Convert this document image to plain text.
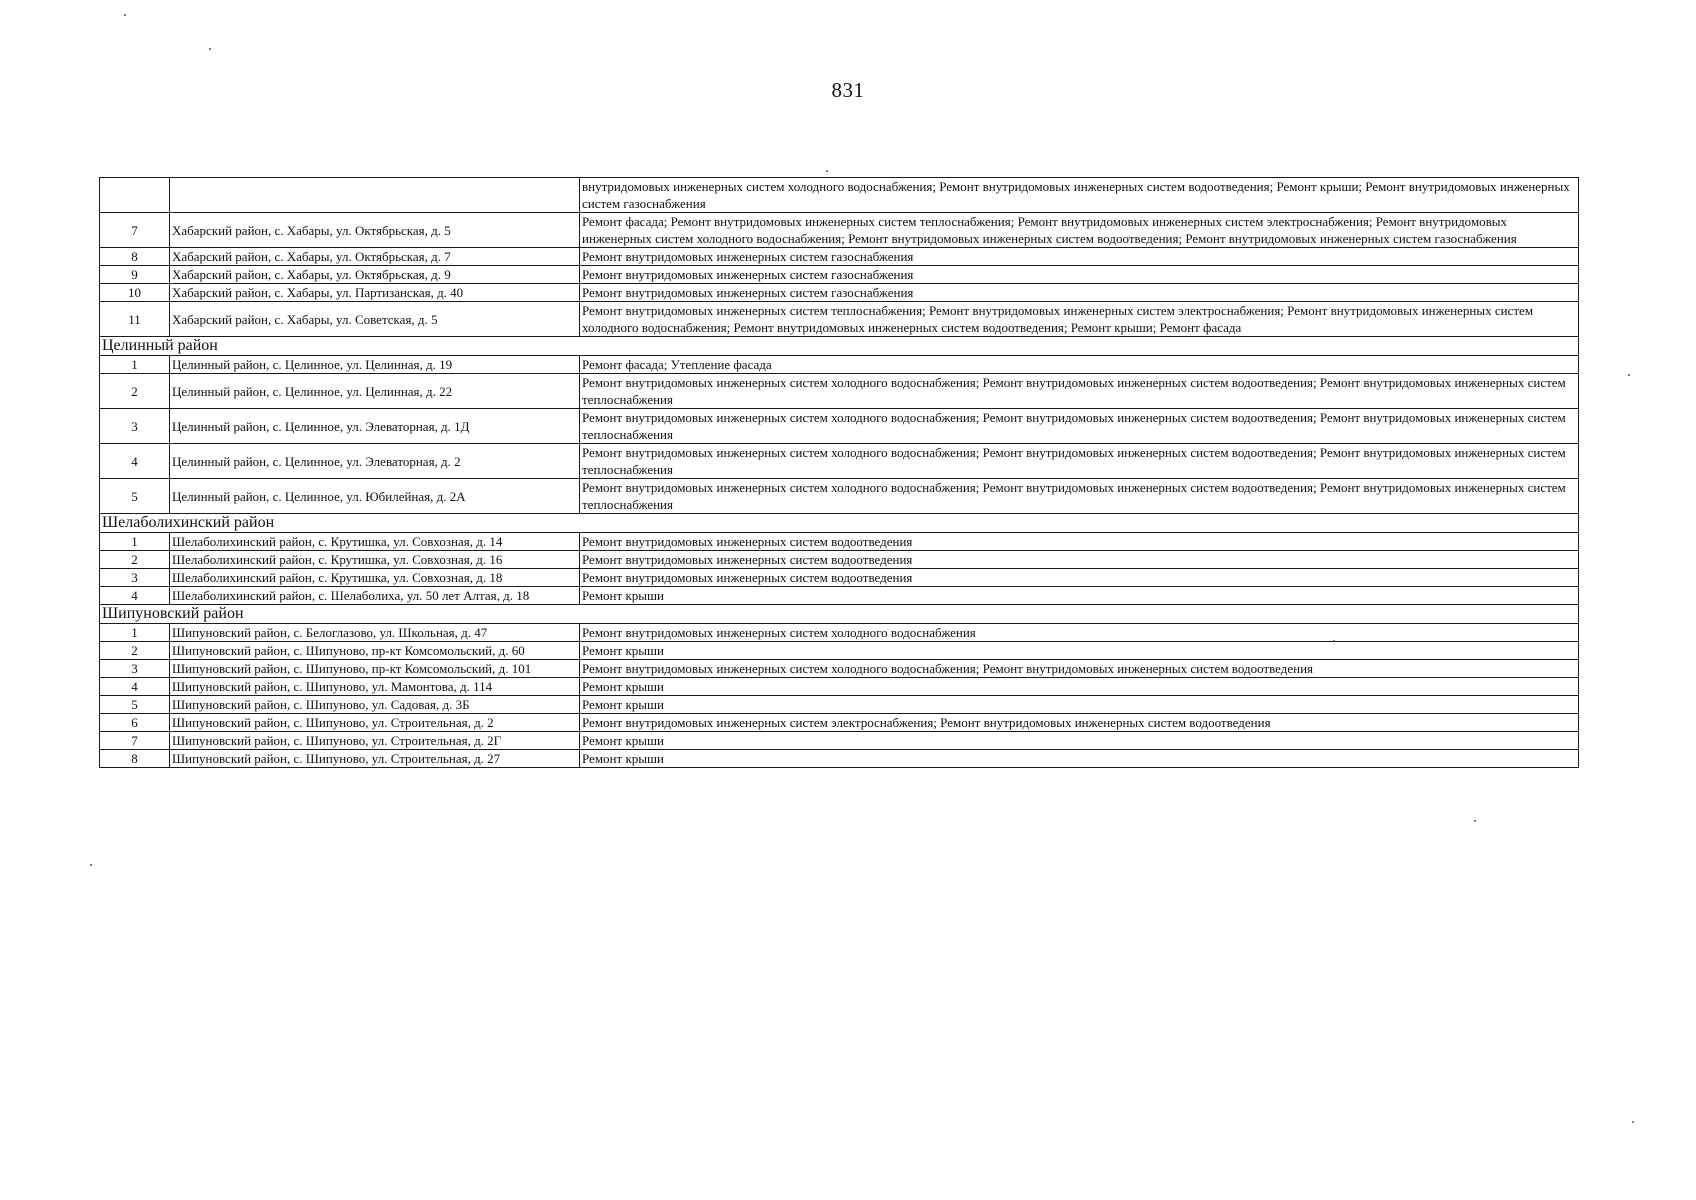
831
		внутридомовых инженерных систем холодного водоснабжения; Ремонт внутридомовых инженерных систем водоотведения; Ремонт крыши; Ремонт внутридомовых инженерных систем газоснабжения
7	Хабарский район, с. Хабары, ул. Октябрьская, д. 5	Ремонт фасада; Ремонт внутридомовых инженерных систем теплоснабжения; Ремонт внутридомовых инженерных систем электроснабжения; Ремонт внутридомовых инженерных систем холодного водоснабжения; Ремонт внутридомовых инженерных систем водоотведения; Ремонт внутридомовых инженерных систем газоснабжения
8	Хабарский район, с. Хабары, ул. Октябрьская, д. 7	Ремонт внутридомовых инженерных систем газоснабжения
9	Хабарский район, с. Хабары, ул. Октябрьская, д. 9	Ремонт внутридомовых инженерных систем газоснабжения
10	Хабарский район, с. Хабары, ул. Партизанская, д. 40	Ремонт внутридомовых инженерных систем газоснабжения
11	Хабарский район, с. Хабары, ул. Советская, д. 5	Ремонт внутридомовых инженерных систем теплоснабжения; Ремонт внутридомовых инженерных систем электроснабжения; Ремонт внутридомовых инженерных систем холодного водоснабжения; Ремонт внутридомовых инженерных систем водоотведения; Ремонт крыши; Ремонт фасада
Целинный район		
1	Целинный район, с. Целинное, ул. Целинная, д. 19	Ремонт фасада; Утепление фасада
2	Целинный район, с. Целинное, ул. Целинная, д. 22	Ремонт внутридомовых инженерных систем холодного водоснабжения; Ремонт внутридомовых инженерных систем водоотведения; Ремонт внутридомовых инженерных систем теплоснабжения
3	Целинный район, с. Целинное, ул. Элеваторная, д. 1Д	Ремонт внутридомовых инженерных систем холодного водоснабжения; Ремонт внутридомовых инженерных систем водоотведения; Ремонт внутридомовых инженерных систем теплоснабжения
4	Целинный район, с. Целинное, ул. Элеваторная, д. 2	Ремонт внутридомовых инженерных систем холодного водоснабжения; Ремонт внутридомовых инженерных систем водоотведения; Ремонт внутридомовых инженерных систем теплоснабжения
5	Целинный район, с. Целинное, ул. Юбилейная, д. 2А	Ремонт внутридомовых инженерных систем холодного водоснабжения; Ремонт внутридомовых инженерных систем водоотведения; Ремонт внутридомовых инженерных систем теплоснабжения
Шелаболихинский район		
1	Шелаболихинский район, с. Крутишка, ул. Совхозная, д. 14	Ремонт внутридомовых инженерных систем водоотведения
2	Шелаболихинский район, с. Крутишка, ул. Совхозная, д. 16	Ремонт внутридомовых инженерных систем водоотведения
3	Шелаболихинский район, с. Крутишка, ул. Совхозная, д. 18	Ремонт внутридомовых инженерных систем водоотведения
4	Шелаболихинский район, с. Шелаболиха, ул. 50 лет Алтая, д. 18	Ремонт крыши
Шипуновский район		
1	Шипуновский район, с. Белоглазово, ул. Школьная, д. 47	Ремонт внутридомовых инженерных систем холодного водоснабжения
2	Шипуновский район, с. Шипуново, пр-кт Комсомольский, д. 60	Ремонт крыши
3	Шипуновский район, с. Шипуново, пр-кт Комсомольский, д. 101	Ремонт внутридомовых инженерных систем холодного водоснабжения; Ремонт внутридомовых инженерных систем водоотведения
4	Шипуновский район, с. Шипуново, ул. Мамонтова, д. 114	Ремонт крыши
5	Шипуновский район, с. Шипуново, ул. Садовая, д. 3Б	Ремонт крыши
6	Шипуновский район, с. Шипуново, ул. Строительная, д. 2	Ремонт внутридомовых инженерных систем электроснабжения; Ремонт внутридомовых инженерных систем водоотведения
7	Шипуновский район, с. Шипуново, ул. Строительная, д. 2Г	Ремонт крыши
8	Шипуновский район, с. Шипуново, ул. Строительная, д. 27	Ремонт крыши
